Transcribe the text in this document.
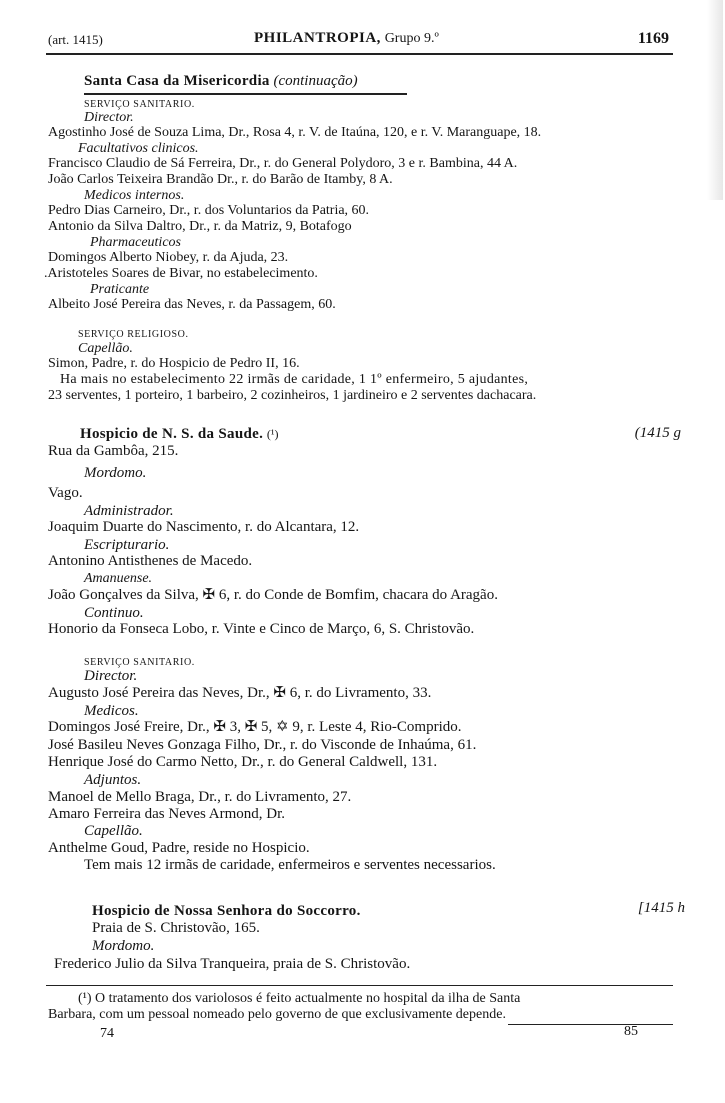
(art. 1415)	PHILANTROPIA, Grupo 9.º	1169
Santa Casa da Misericordia (continuação)
SERVIÇO SANITARIO.
Director.
Agostinho José de Souza Lima, Dr., Rosa 4, r. V. de Itaúna, 120, e r. V. Maranguape, 18.
Facultativos clinicos.
Francisco Claudio de Sá Ferreira, Dr., r. do General Polydoro, 3 e r. Bambina, 44 A.
João Carlos Teixeira Brandão Dr., r. do Barão de Itamby, 8 A.
Medicos internos.
Pedro Dias Carneiro, Dr., r. dos Voluntarios da Patria, 60.
Antonio da Silva Daltro, Dr., r. da Matriz, 9, Botafogo
Pharmaceuticos
Domingos Alberto Niobey, r. da Ajuda, 23.
.Aristoteles Soares de Bivar, no estabelecimento.
Praticante
Albeito José Pereira das Neves, r. da Passagem, 60.
SERVIÇO RELIGIOSO.
Capellão.
Simon, Padre, r. do Hospicio de Pedro II, 16.
Ha mais no estabelecimento 22 irmãs de caridade, 1 1º enfermeiro, 5 ajudantes,
23 serventes, 1 porteiro, 1 barbeiro, 2 cozinheiros, 1 jardineiro e 2 serventes dachacara.
Hospicio de N. S. da Saude. (¹)	(1415 g
Rua da Gambôa, 215.
Mordomo.
Vago.
Administrador.
Joaquim Duarte do Nascimento, r. do Alcantara, 12.
Escripturario.
Antonino Antisthenes de Macedo.
Amanuense.
João Gonçalves da Silva, ✠ 6, r. do Conde de Bomfim, chacara do Aragão.
Continuo.
Honorio da Fonseca Lobo, r. Vinte e Cinco de Março, 6, S. Christovão.
SERVIÇO SANITARIO.
Director.
Augusto José Pereira das Neves, Dr., ✠ 6, r. do Livramento, 33.
Medicos.
Domingos José Freire, Dr., ✠ 3, ✠ 5, ✡ 9, r. Leste 4, Rio-Comprido.
José Basileu Neves Gonzaga Filho, Dr., r. do Visconde de Inhaúma, 61.
Henrique José do Carmo Netto, Dr., r. do General Caldwell, 131.
Adjuntos.
Manoel de Mello Braga, Dr., r. do Livramento, 27.
Amaro Ferreira das Neves Armond, Dr.
Capellão.
Anthelme Goud, Padre, reside no Hospicio.
Tem mais 12 irmãs de caridade, enfermeiros e serventes necessarios.
Hospicio de Nossa Senhora do Soccorro.	[1415 h
Praia de S. Christovão, 165.
Mordomo.
Frederico Julio da Silva Tranqueira, praia de S. Christovão.
(¹) O tratamento dos variolosos é feito actualmente no hospital da ilha de Santa
Barbara, com um pessoal nomeado pelo governo de que exclusivamente depende.
74	85
